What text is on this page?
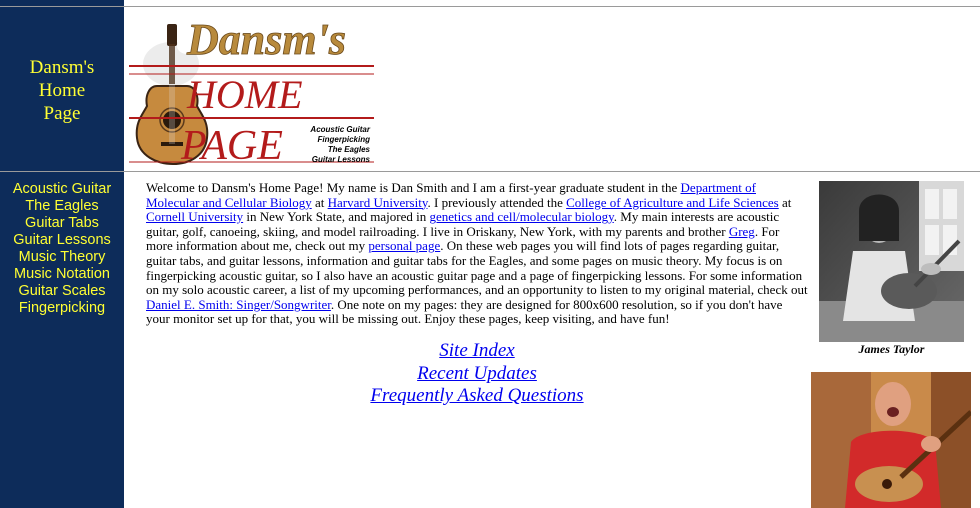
Dansm's
Home
Page
Acoustic Guitar
The Eagles
Guitar Tabs
Guitar Lessons
Music Theory
Music Notation
Guitar Scales
Fingerpicking
Dansm's
HOME
PAGE	Acoustic Guitar
Fingerpicking
The Eagles
Guitar Lessons
Welcome to Dansm's Home Page! My name is Dan Smith and I am a first-year graduate student in the Department of Molecular and Cellular Biology at Harvard University. I previously attended the College of Agriculture and Life Sciences at Cornell University in New York State, and majored in genetics and cell/molecular biology. My main interests are acoustic guitar, golf, canoeing, skiing, and model railroading. I live in Oriskany, New York, with my parents and brother Greg. For more information about me, check out my personal page. On these web pages you will find lots of pages regarding guitar, guitar tabs, and guitar lessons, information and guitar tabs for the Eagles, and some pages on music theory. My focus is on fingerpicking acoustic guitar, so I also have an acoustic guitar page and a page of fingerpicking lessons. For some information on my solo acoustic career, a list of my upcoming performances, and an opportunity to listen to my original material, check out Daniel E. Smith: Singer/Songwriter. One note on my pages: they are designed for 800x600 resolution, so if you don't have your monitor set up for that, you will be missing out. Enjoy these pages, keep visiting, and have fun!
Site Index
Recent Updates
Frequently Asked Questions
James Taylor
